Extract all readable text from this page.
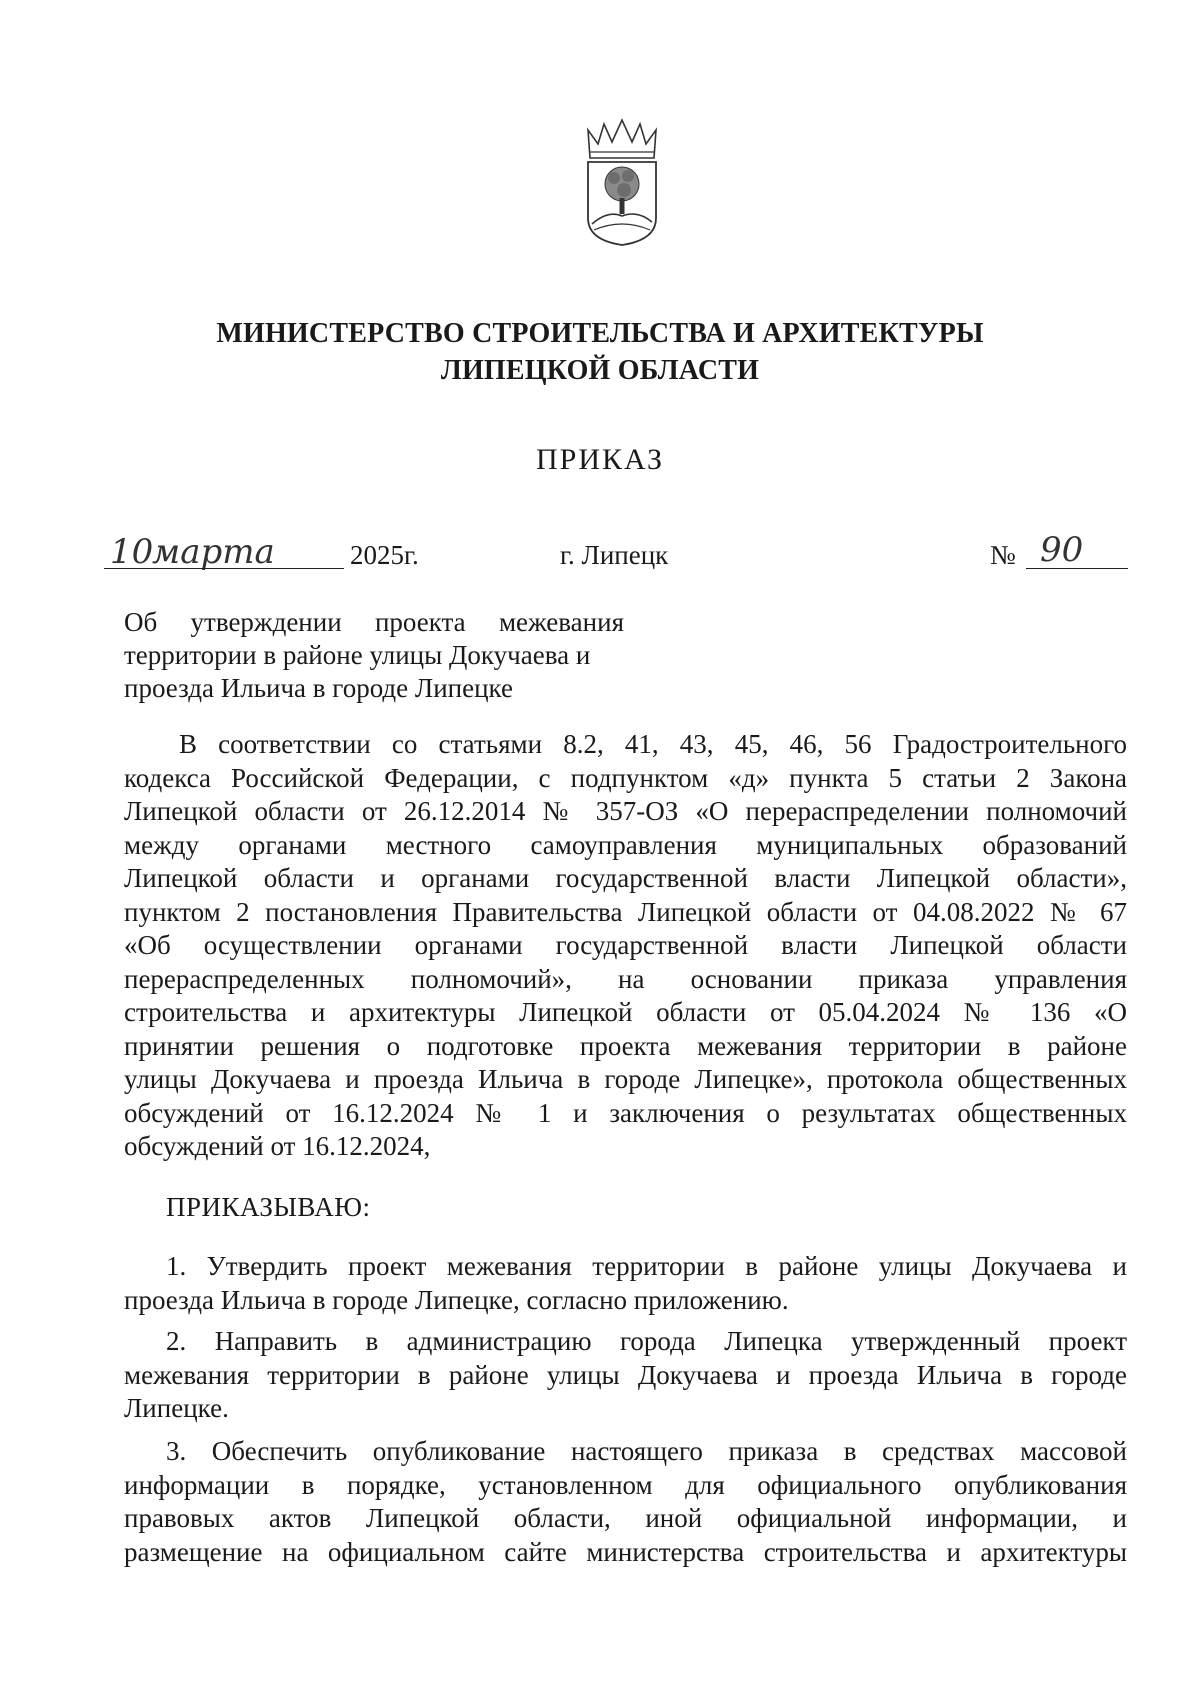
МИНИСТЕРСТВО СТРОИТЕЛЬСТВА И АРХИТЕКТУРЫ
ЛИПЕЦКОЙ ОБЛАСТИ
ПРИКАЗ
10
марта	2025г.	г. Липецк	№ 90
Об утверждении проекта межевания
территории в районе улицы Докучаева и
проезда Ильича в городе Липецке
В соответствии со статьями 8.2, 41, 43, 45, 46, 56 Градостроительного
кодекса Российской Федерации, с подпунктом «д» пункта 5 статьи 2 Закона
Липецкой области от 26.12.2014 № 357-ОЗ «О перераспределении полномочий
между органами местного самоуправления муниципальных образований
Липецкой области и органами государственной власти Липецкой области»,
пунктом 2 постановления Правительства Липецкой области от 04.08.2022 № 67
«Об осуществлении органами государственной власти Липецкой области
перераспределенных полномочий», на основании приказа управления
строительства и архитектуры Липецкой области от 05.04.2024 № 136 «О
принятии решения о подготовке проекта межевания территории в районе
улицы Докучаева и проезда Ильича в городе Липецке», протокола общественных
обсуждений от 16.12.2024 № 1 и заключения о результатах общественных
обсуждений от 16.12.2024,
ПРИКАЗЫВАЮ:
1. Утвердить проект межевания территории в районе улицы Докучаева и
проезда Ильича в городе Липецке, согласно приложению.
2. Направить в администрацию города Липецка утвержденный проект
межевания территории в районе улицы Докучаева и проезда Ильича в городе
Липецке.
3. Обеспечить опубликование настоящего приказа в средствах массовой
информации в порядке, установленном для официального опубликования
правовых актов Липецкой области, иной официальной информации, и
размещение на официальном сайте министерства строительства и архитектуры
